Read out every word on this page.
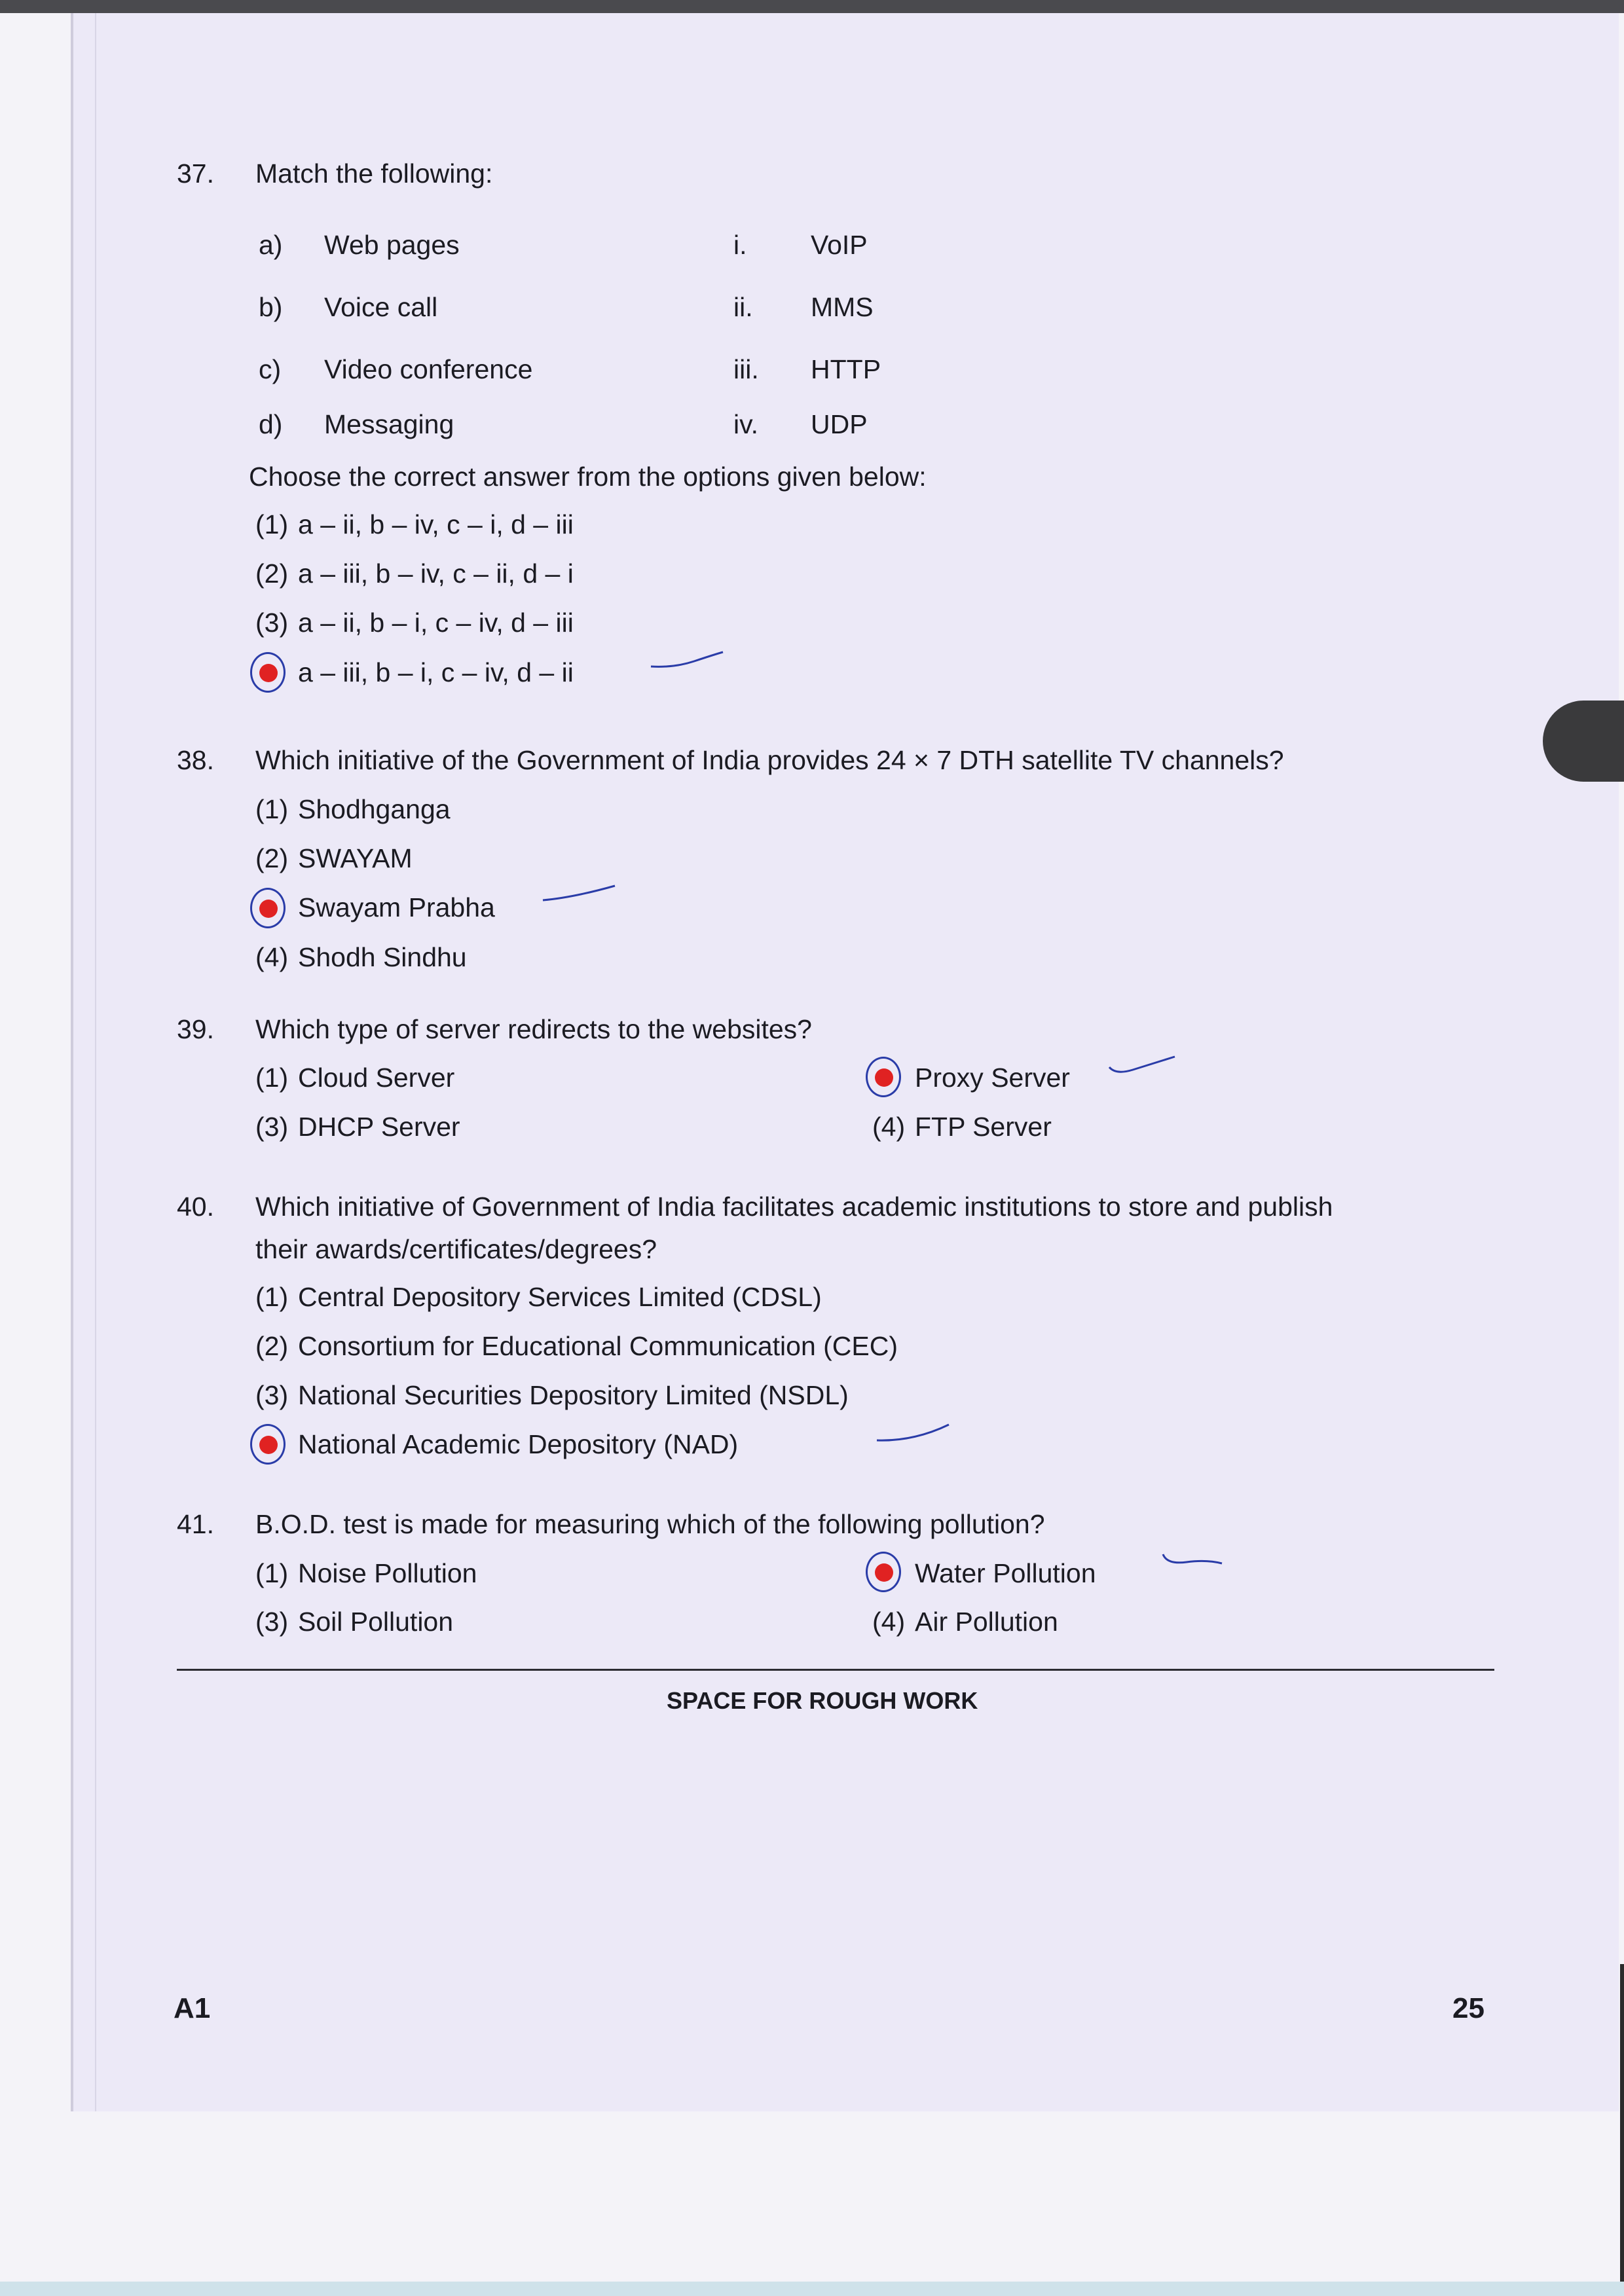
37. Match the following:
a) Web pages	i. VoIP
b) Voice call	ii. MMS
c) Video conference	iii. HTTP
d) Messaging	iv. UDP
Choose the correct answer from the options given below:
(1) a – ii, b – iv, c – i, d – iii
(2) a – iii, b – iv, c – ii, d – i
(3) a – ii, b – i, c – iv, d – iii
a – iii, b – i, c – iv, d – ii
38. Which initiative of the Government of India provides 24 × 7 DTH satellite TV channels?
(1) Shodhganga
(2) SWAYAM
Swayam Prabha
(4) Shodh Sindhu
39. Which type of server redirects to the websites?
(1) Cloud Server	Proxy Server
(3) DHCP Server	(4) FTP Server
40. Which initiative of Government of India facilitates academic institutions to store and publish
their awards/certificates/degrees?
(1) Central Depository Services Limited (CDSL)
(2) Consortium for Educational Communication (CEC)
(3) National Securities Depository Limited (NSDL)
National Academic Depository (NAD)
41. B.O.D. test is made for measuring which of the following pollution?
(1) Noise Pollution	Water Pollution
(3) Soil Pollution	(4) Air Pollution
SPACE FOR ROUGH WORK
A1	25
